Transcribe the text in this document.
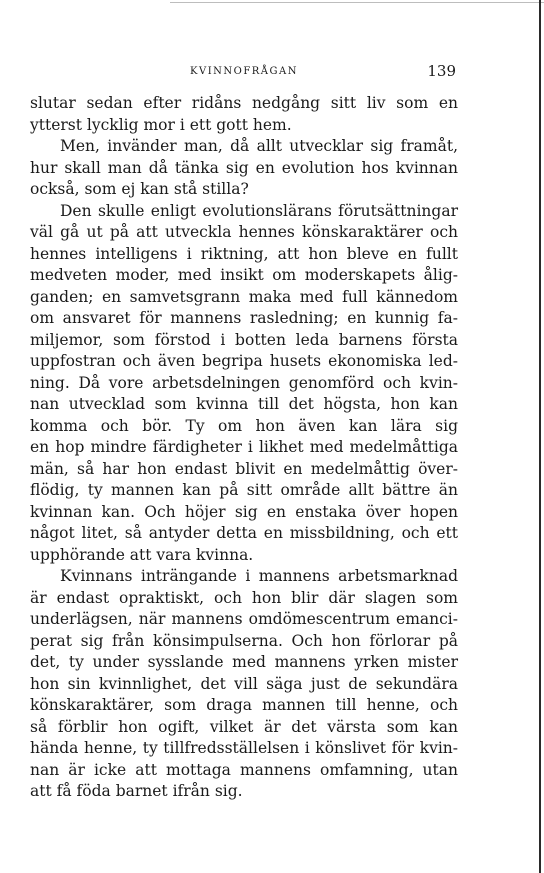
KVINNOFRÅGAN	139
slutar sedan efter ridåns nedgång sitt liv som en
ytterst lycklig mor i ett gott hem.
Men, invänder man, då allt utvecklar sig framåt,
hur skall man då tänka sig en evolution hos kvinnan
också, som ej kan stå stilla?
Den skulle enligt evolutionslärans förutsättningar
väl gå ut på att utveckla hennes könskaraktärer och
hennes intelligens i riktning, att hon bleve en fullt
medveten moder, med insikt om moderskapets ålig-
ganden; en samvetsgrann maka med full kännedom
om ansvaret för mannens rasledning; en kunnig fa-
miljemor, som förstod i botten leda barnens första
uppfostran och även begripa husets ekonomiska led-
ning. Då vore arbetsdelningen genomförd och kvin-
nan utvecklad som kvinna till det högsta, hon kan
komma och bör. Ty om hon även kan lära sig
en hop mindre färdigheter i likhet med medelmåttiga
män, så har hon endast blivit en medelmåttig över-
flödig, ty mannen kan på sitt område allt bättre än
kvinnan kan. Och höjer sig en enstaka över hopen
något litet, så antyder detta en missbildning, och ett
upphörande att vara kvinna.
Kvinnans inträngande i mannens arbetsmarknad
är endast opraktiskt, och hon blir där slagen som
underlägsen, när mannens omdömescentrum emanci-
perat sig från könsimpulserna. Och hon förlorar på
det, ty under sysslande med mannens yrken mister
hon sin kvinnlighet, det vill säga just de sekundära
könskaraktärer, som draga mannen till henne, och
så förblir hon ogift, vilket är det värsta som kan
hända henne, ty tillfredsställelsen i könslivet för kvin-
nan är icke att mottaga mannens omfamning, utan
att få föda barnet ifrån sig.
